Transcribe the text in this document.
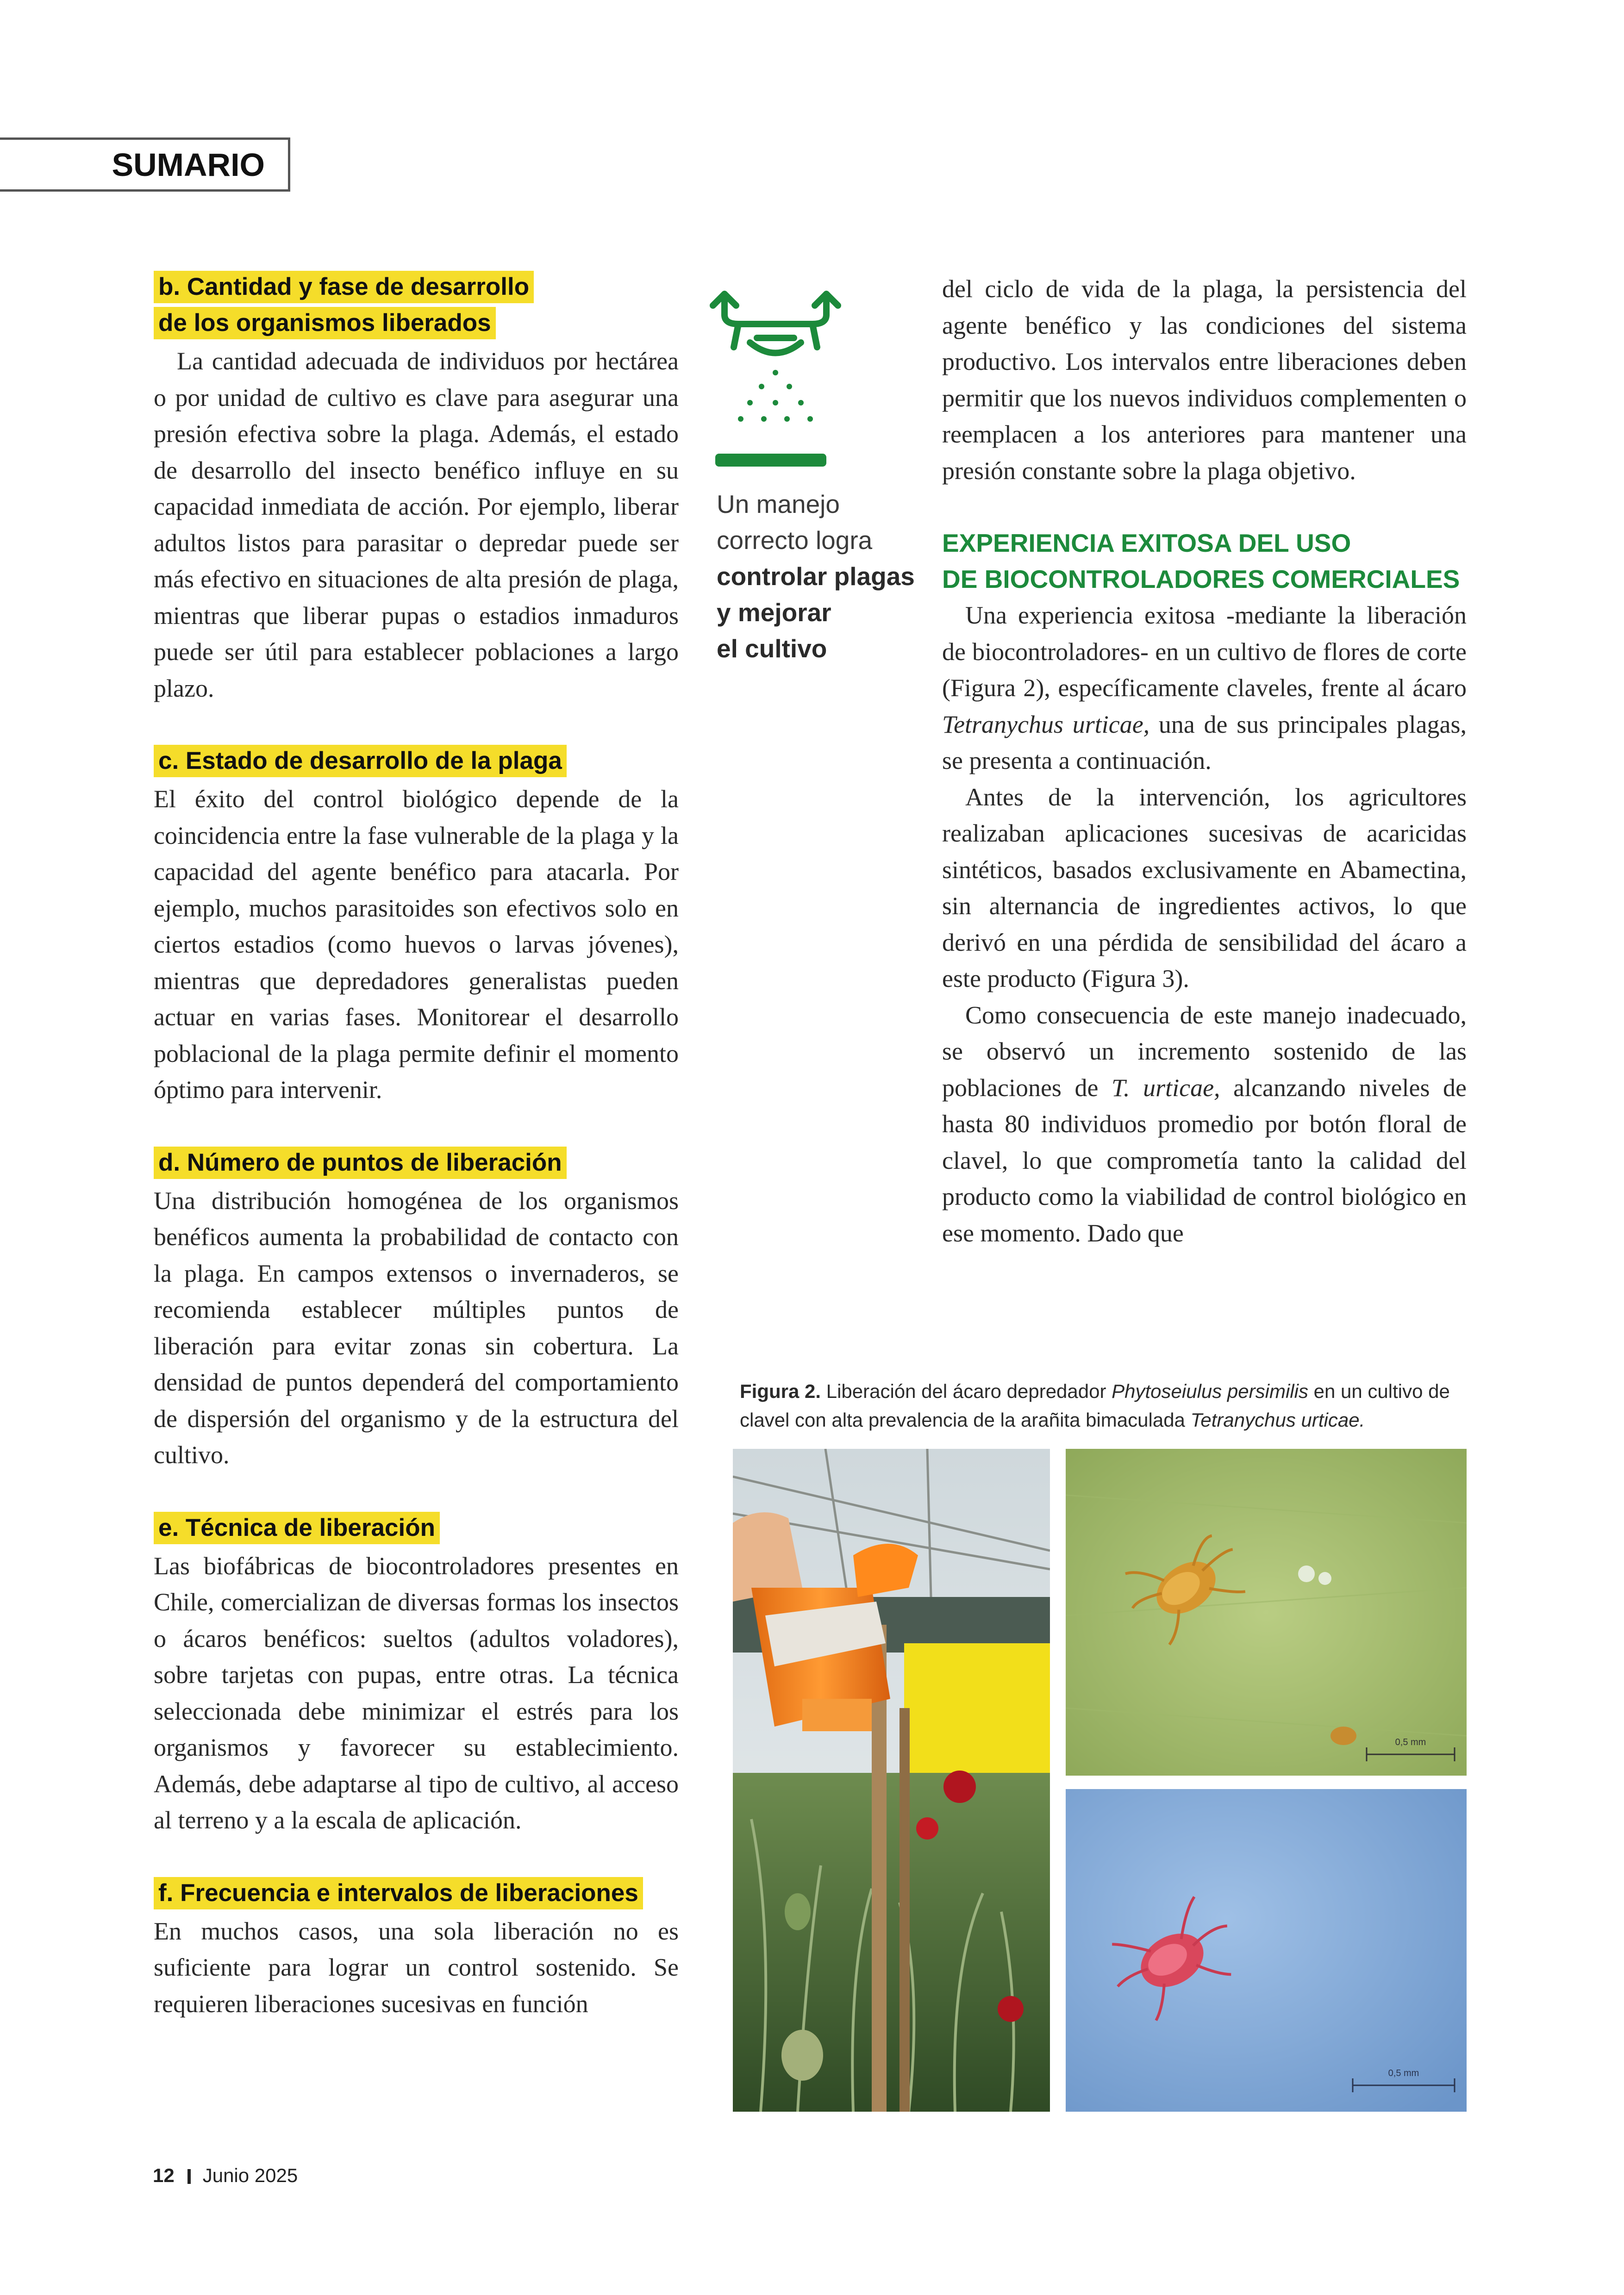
SUMARIO
b. Cantidad y fase de desarrollo
de los organismos liberados

La cantidad adecuada de individuos por hectárea o por unidad de cultivo es clave para asegurar una presión efectiva sobre la plaga. Además, el estado de desarrollo del insecto benéfico influye en su capacidad inmediata de acción. Por ejemplo, liberar adultos listos para parasitar o depredar puede ser más efectivo en situaciones de alta presión de plaga, mientras que liberar pupas o estadios inmaduros puede ser útil para establecer poblaciones a largo plazo.

c. Estado de desarrollo de la plaga

El éxito del control biológico depende de la coincidencia entre la fase vulnerable de la plaga y la capacidad del agente benéfico para atacarla. Por ejemplo, muchos parasitoides son efectivos solo en ciertos estadios (como huevos o larvas jóvenes), mientras que depredadores generalistas pueden actuar en varias fases. Monitorear el desarrollo poblacional de la plaga permite definir el momento óptimo para intervenir.

d. Número de puntos de liberación

Una distribución homogénea de los organismos benéficos aumenta la probabilidad de contacto con la plaga. En campos extensos o invernaderos, se recomienda establecer múltiples puntos de liberación para evitar zonas sin cobertura. La densidad de puntos dependerá del comportamiento de dispersión del organismo y de la estructura del cultivo.

e. Técnica de liberación

Las biofábricas de biocontroladores presentes en Chile, comercializan de diversas formas los insectos o ácaros benéficos: sueltos (adultos voladores), sobre tarjetas con pupas, entre otras. La técnica seleccionada debe minimizar el estrés para los organismos y favorecer su establecimiento. Además, debe adaptarse al tipo de cultivo, al acceso al terreno y a la escala de aplicación.

f. Frecuencia e intervalos de liberaciones

En muchos casos, una sola liberación no es suficiente para lograr un control sostenido. Se requieren liberaciones sucesivas en función

Un manejo
correcto logra
controlar plagas
y mejorar
el cultivo

del ciclo de vida de la plaga, la persistencia del agente benéfico y las condiciones del sistema productivo. Los intervalos entre liberaciones deben permitir que los nuevos individuos complementen o reemplacen a los anteriores para mantener una presión constante sobre la plaga objetivo.

EXPERIENCIA EXITOSA DEL USO
DE BIOCONTROLADORES COMERCIALES

Una experiencia exitosa -mediante la liberación de biocontroladores- en un cultivo de flores de corte (Figura 2), específicamente claveles, frente al ácaro Tetranychus urticae, una de sus principales plagas, se presenta a continuación.

Antes de la intervención, los agricultores realizaban aplicaciones sucesivas de acaricidas sintéticos, basados exclusivamente en Abamectina, sin alternancia de ingredientes activos, lo que derivó en una pérdida de sensibilidad del ácaro a este producto (Figura 3).

Como consecuencia de este manejo inadecuado, se observó un incremento sostenido de las poblaciones de T. urticae, alcanzando niveles de hasta 80 individuos promedio por botón floral de clavel, lo que comprometía tanto la calidad del producto como la viabilidad de control biológico en ese momento. Dado que

Figura 2. Liberación del ácaro depredador Phytoseiulus persimilis en un cultivo de clavel con alta prevalencia de la arañita bimaculada Tetranychus urticae.
0,5 mm
0,5 mm
12 Junio 2025
